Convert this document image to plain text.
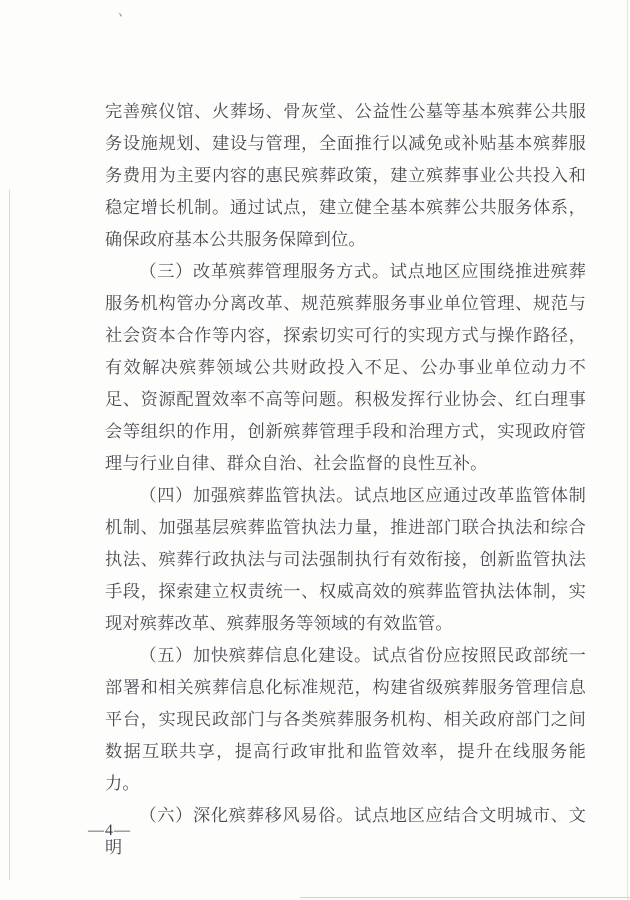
、

完善殡仪馆、火葬场、骨灰堂、公益性公墓等基本殡葬公共服务设施规划、建设与管理，全面推行以减免或补贴基本殡葬服务费用为主要内容的惠民殡葬政策，建立殡葬事业公共投入和稳定增长机制。通过试点，建立健全基本殡葬公共服务体系，确保政府基本公共服务保障到位。

（三）改革殡葬管理服务方式。试点地区应围绕推进殡葬服务机构管办分离改革、规范殡葬服务事业单位管理、规范与社会资本合作等内容，探索切实可行的实现方式与操作路径，有效解决殡葬领域公共财政投入不足、公办事业单位动力不足、资源配置效率不高等问题。积极发挥行业协会、红白理事会等组织的作用，创新殡葬管理手段和治理方式，实现政府管理与行业自律、群众自治、社会监督的良性互补。

（四）加强殡葬监管执法。试点地区应通过改革监管体制机制、加强基层殡葬监管执法力量，推进部门联合执法和综合执法、殡葬行政执法与司法强制执行有效衔接，创新监管执法手段，探索建立权责统一、权威高效的殡葬监管执法体制，实现对殡葬改革、殡葬服务等领域的有效监管。

（五）加快殡葬信息化建设。试点省份应按照民政部统一部署和相关殡葬信息化标准规范，构建省级殡葬服务管理信息平台，实现民政部门与各类殡葬服务机构、相关政府部门之间数据互联共享，提高行政审批和监管效率，提升在线服务能力。

（六）深化殡葬移风易俗。试点地区应结合文明城市、文明

—4—
